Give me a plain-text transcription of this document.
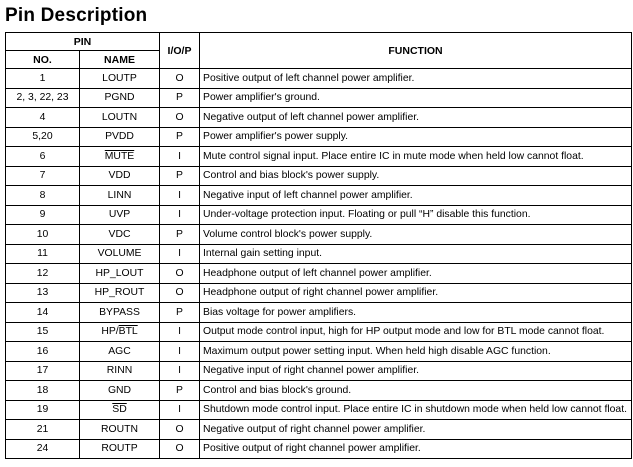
Pin Description
PIN		I/O/P	FUNCTION
NO.	NAME		
1	LOUTP	O	Positive output of left channel power amplifier.
2, 3, 22, 23	PGND	P	Power amplifier's ground.
4	LOUTN	O	Negative output of left channel power amplifier.
5,20	PVDD	P	Power amplifier's power supply.
6	MUTE	I	Mute control signal input. Place entire IC in mute mode when held low cannot float.
7	VDD	P	Control and bias block's power supply.
8	LINN	I	Negative input of left channel power amplifier.
9	UVP	I	Under-voltage protection input. Floating or pull “H” disable this function.
10	VDC	P	Volume control block's power supply.
11	VOLUME	I	Internal gain setting input.
12	HP_LOUT	O	Headphone output of left channel power amplifier.
13	HP_ROUT	O	Headphone output of right channel power amplifier.
14	BYPASS	P	Bias voltage for power amplifiers.
15	$HP/\overline{BTL}$	I	Output mode control input, high for HP output mode and low for BTL mode cannot float.
16	AGC	I	Maximum output power setting input. When held high disable AGC function.
17	RINN	I	Negative input of right channel power amplifier.
18	GND	P	Control and bias block's ground.
19	$\overline{SD}$	I	Shutdown mode control input. Place entire IC in shutdown mode when held low cannot float.
21	ROUTN	O	Negative output of right channel power amplifier.
24	ROUTP	O	Positive output of right channel power amplifier.
